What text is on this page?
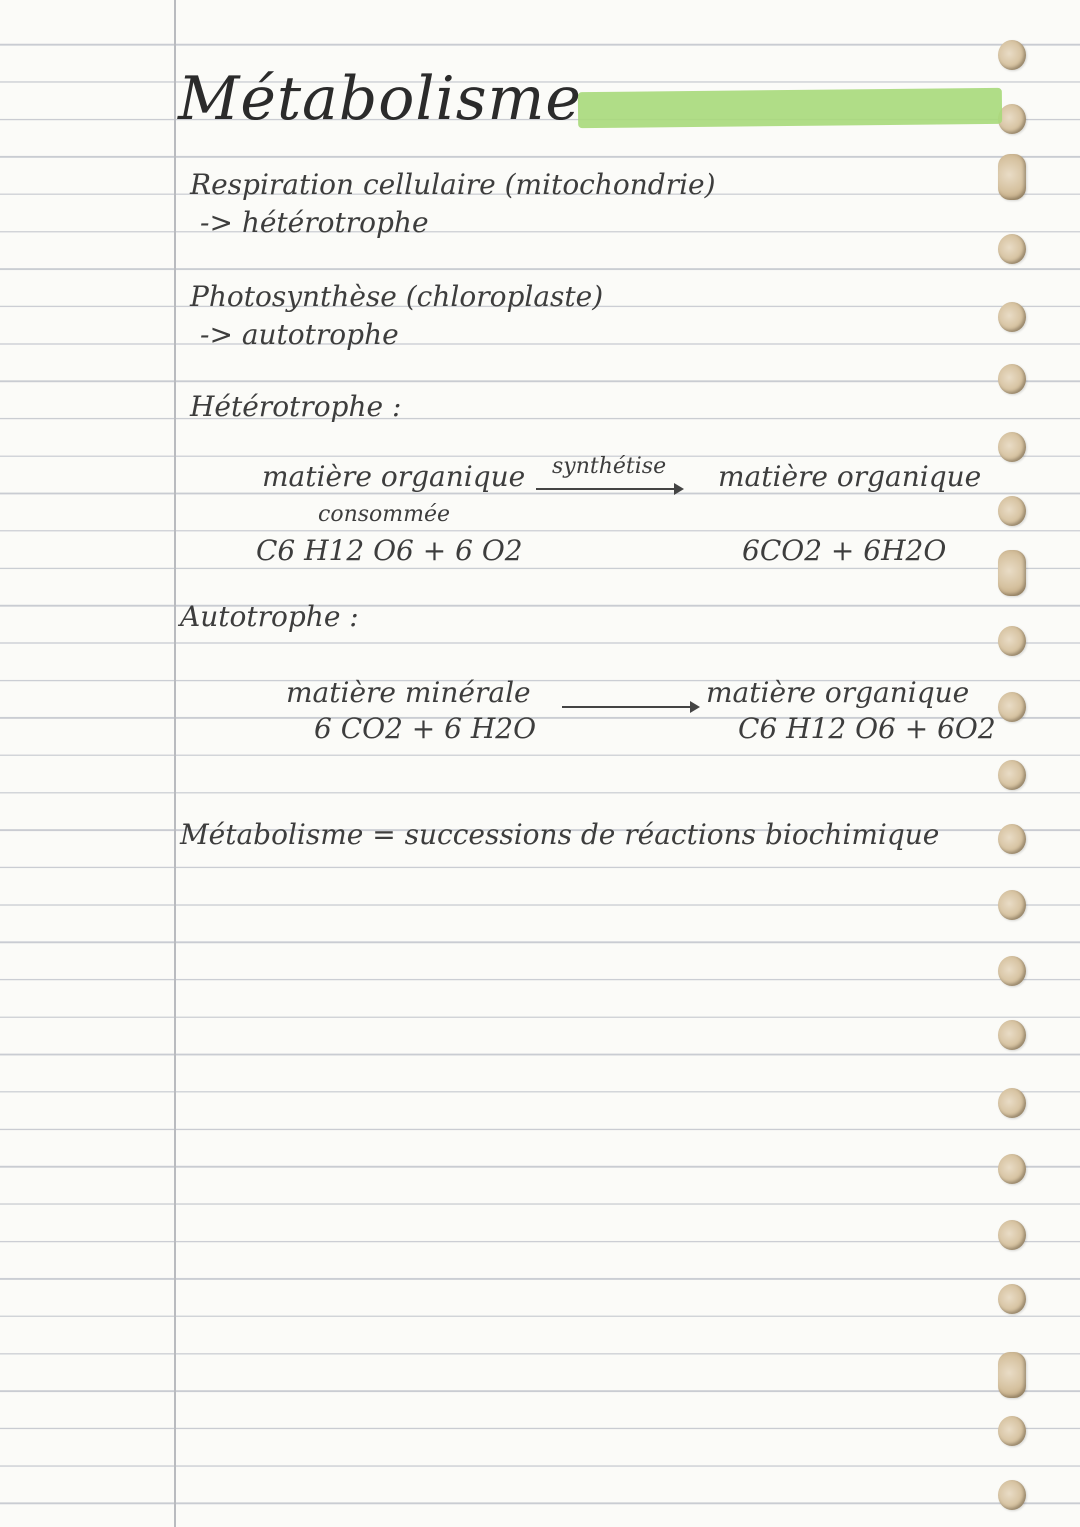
Métabolisme
Respiration cellulaire (mitochondrie)
-> hétérotrophe
Photosynthèse (chloroplaste)
-> autotrophe
Hétérotrophe :
matière organique
consommée
synthétise matière organique
C6 H12 O6 + 6 O2	6CO2 + 6H2O
Autotrophe :
matière minérale
6 CO2 + 6 H2O
matière organique
C6 H12 O6 + 6O2
Métabolisme = successions de réactions biochimique
